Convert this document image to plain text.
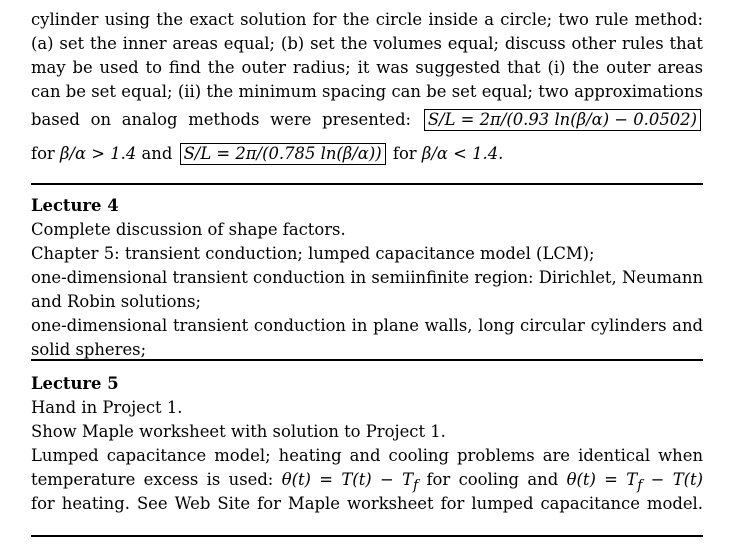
cylinder using the exact solution for the circle inside a circle; two rule method:
(a) set the inner areas equal; (b) set the volumes equal; discuss other rules that
may be used to find the outer radius; it was suggested that (i) the outer areas
can be set equal; (ii) the minimum spacing can be set equal; two approximations
based on analog methods were presented: S/L = 2π/(0.93 ln(β/α) − 0.0502)
for β/α > 1.4 and S/L = 2π/(0.785 ln(β/α)) for β/α < 1.4.
Lecture 4
Complete discussion of shape factors.
Chapter 5: transient conduction; lumped capacitance model (LCM);
one-dimensional transient conduction in semiinfinite region: Dirichlet, Neumann
and Robin solutions;
one-dimensional transient conduction in plane walls, long circular cylinders and
solid spheres;
Lecture 5
Hand in Project 1.
Show Maple worksheet with solution to Project 1.
Lumped capacitance model; heating and cooling problems are identical when
temperature excess is used: $\theta(t) = T(t) - T_f$ for cooling and $\theta(t) = T_f - T(t)$
for heating. See Web Site for Maple worksheet for lumped capacitance model.
